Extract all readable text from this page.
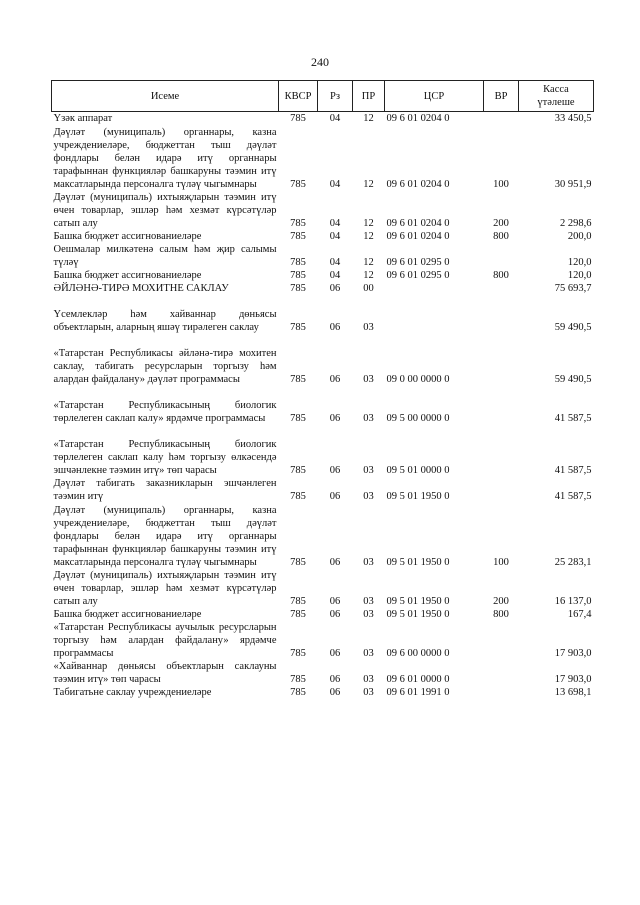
240
Исеме	КВСР	Рз	ПР	ЦСР	ВР	Касса
үтәлеше

Үзәк аппарат	785	04	12	09 6 01 0204 0		33 450,5
Дәүләт (муниципаль) органнары, казна учреждениеләре, бюджеттан тыш дәүләт фондлары белән идарә итү органнары тарафыннан функцияләр башкаруны тәэмин итү максатларында персоналга түләү чыгымнары	785	04	12	09 6 01 0204 0	100	30 951,9
Дәүләт (муниципаль) ихтыяҗларын тәэмин итү өчен товарлар, эшләр һәм хезмәт күрсәтүләр сатып алу	785	04	12	09 6 01 0204 0	200	2 298,6
Башка бюджет ассигнованиеләре	785	04	12	09 6 01 0204 0	800	200,0
Оешмалар милкәтенә салым һәм җир салымы түләү	785	04	12	09 6 01 0295 0		120,0
Башка бюджет ассигнованиеләре	785	04	12	09 6 01 0295 0	800	120,0
ӘЙЛӘНӘ-ТИРӘ МОХИТНЕ САКЛАУ	785	06	00			75 693,7
Үсемлекләр һәм хайваннар дөньясы объектларын, аларның яшәү тирәлеген саклау	785	06	03			59 490,5
«Татарстан Республикасы әйләнә-тирә мохитен саклау, табигать ресурсларын торгызу һәм алардан файдалану» дәүләт программасы	785	06	03	09 0 00 0000 0		59 490,5
«Татарстан Республикасының биологик төрлелеген саклап калу» ярдәмче программасы	785	06	03	09 5 00 0000 0		41 587,5
«Татарстан Республикасының биологик төрлелеген саклап калу һәм торгызу өлкәсендә эшчәнлекне тәэмин итү» төп чарасы	785	06	03	09 5 01 0000 0		41 587,5
Дәүләт табигать заказникларын эшчәнлеген тәэмин итү	785	06	03	09 5 01 1950 0		41 587,5
Дәүләт (муниципаль) органнары, казна учреждениеләре, бюджеттан тыш дәүләт фондлары белән идарә итү органнары тарафыннан функцияләр башкаруны тәэмин итү максатларында персоналга түләү чыгымнары	785	06	03	09 5 01 1950 0	100	25 283,1
Дәүләт (муниципаль) ихтыяҗларын тәэмин итү өчен товарлар, эшләр һәм хезмәт күрсәтүләр сатып алу	785	06	03	09 5 01 1950 0	200	16 137,0
Башка бюджет ассигнованиеләре	785	06	03	09 5 01 1950 0	800	167,4
«Татарстан Республикасы аучылык ресурсларын торгызу һәм алардан файдалану» ярдәмче программасы	785	06	03	09 6 00 0000 0		17 903,0
«Хайваннар дөньясы объектларын саклауны тәэмин итү» төп чарасы	785	06	03	09 6 01 0000 0		17 903,0
Табигатьне саклау учреждениеләре	785	06	03	09 6 01 1991 0		13 698,1
